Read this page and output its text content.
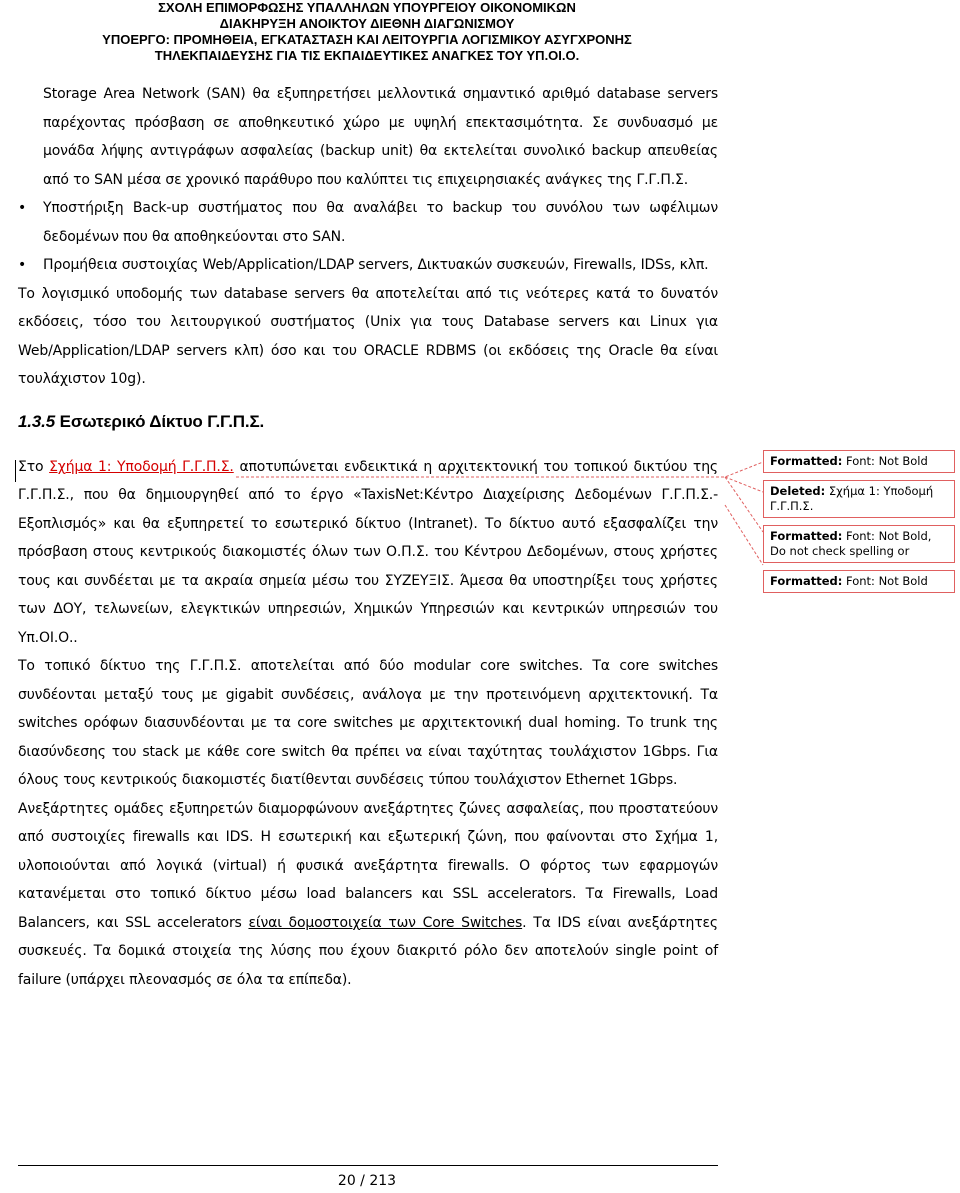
ΣΧΟΛΗ ΕΠΙΜΟΡΦΩΣΗΣ ΥΠΑΛΛΗΛΩΝ ΥΠΟΥΡΓΕΙΟΥ ΟΙΚΟΝΟΜΙΚΩΝ
ΔΙΑΚΗΡΥΞΗ ΑΝΟΙΚΤΟΥ ΔΙΕΘΝΗ ΔΙΑΓΩΝΙΣΜΟΥ
ΥΠΟΕΡΓΟ: ΠΡΟΜΗΘΕΙΑ, ΕΓΚΑΤΑΣΤΑΣΗ ΚΑΙ ΛΕΙΤΟΥΡΓΙΑ ΛΟΓΙΣΜΙΚΟΥ ΑΣΥΓΧΡΟΝΗΣ
ΤΗΛΕΚΠΑΙΔΕΥΣΗΣ ΓΙΑ ΤΙΣ ΕΚΠΑΙΔΕΥΤΙΚΕΣ ΑΝΑΓΚΕΣ ΤΟΥ ΥΠ.ΟΙ.Ο.

Storage Area Network (SAN) θα εξυπηρετήσει μελλοντικά σημαντικό αριθμό database servers παρέχοντας πρόσβαση σε αποθηκευτικό χώρο με υψηλή επεκτασιμότητα. Σε συνδυασμό με μονάδα λήψης αντιγράφων ασφαλείας (backup unit) θα εκτελείται συνολικό backup απευθείας από το SAN μέσα σε χρονικό παράθυρο που καλύπτει τις επιχειρησιακές ανάγκες της Γ.Γ.Π.Σ.

• Υποστήριξη Back-up συστήματος που θα αναλάβει το backup του συνόλου των ωφέλιμων δεδομένων που θα αποθηκεύονται στο SAN.
• Προμήθεια συστοιχίας Web/Application/LDAP servers, Δικτυακών συσκευών, Firewalls, IDSs, κλπ.

Το λογισμικό υποδομής των database servers θα αποτελείται από τις νεότερες κατά το δυνατόν εκδόσεις, τόσο του λειτουργικού συστήματος (Unix για τους Database servers και Linux για Web/Application/LDAP servers κλπ) όσο και του ORACLE RDBMS (οι εκδόσεις της Oracle θα είναι τουλάχιστον 10g).

1.3.5 Εσωτερικό Δίκτυο Γ.Γ.Π.Σ.

Στο Σχήμα 1: Υποδομή Γ.Γ.Π.Σ. αποτυπώνεται ενδεικτικά η αρχιτεκτονική του τοπικού δικτύου της Γ.Γ.Π.Σ., που θα δημιουργηθεί από το έργο «TaxisNet:Κέντρο Διαχείρισης Δεδομένων Γ.Γ.Π.Σ.-Εξοπλισμός» και θα εξυπηρετεί το εσωτερικό δίκτυο (Intranet). Το δίκτυο αυτό εξασφαλίζει την πρόσβαση στους κεντρικούς διακομιστές όλων των Ο.Π.Σ. του Κέντρου Δεδομένων, στους χρήστες τους και συνδέεται με τα ακραία σημεία μέσω του ΣΥΖΕΥΞΙΣ. Άμεσα θα υποστηρίξει τους χρήστες των ΔΟΥ, τελωνείων, ελεγκτικών υπηρεσιών, Χημικών Υπηρεσιών και κεντρικών υπηρεσιών του Υπ.ΟΙ.Ο..

Το τοπικό δίκτυο της Γ.Γ.Π.Σ. αποτελείται από δύο modular core switches. Τα core switches συνδέονται μεταξύ τους με gigabit συνδέσεις, ανάλογα με την προτεινόμενη αρχιτεκτονική. Τα switches ορόφων διασυνδέονται με τα core switches με αρχιτεκτονική dual homing. Το trunk της διασύνδεσης του stack με κάθε core switch θα πρέπει να είναι ταχύτητας τουλάχιστον 1Gbps. Για όλους τους κεντρικούς διακομιστές διατίθενται συνδέσεις τύπου τουλάχιστον Ethernet 1Gbps.

Ανεξάρτητες ομάδες εξυπηρετών διαμορφώνουν ανεξάρτητες ζώνες ασφαλείας, που προστατεύουν από συστοιχίες firewalls και IDS. Η εσωτερική και εξωτερική ζώνη, που φαίνονται στο Σχήμα 1, υλοποιούνται από λογικά (virtual) ή φυσικά ανεξάρτητα firewalls. Ο φόρτος των εφαρμογών κατανέμεται στο τοπικό δίκτυο μέσω load balancers και SSL accelerators. Τα Firewalls, Load Balancers, και SSL accelerators είναι δομοστοιχεία των Core Switches. Τα IDS είναι ανεξάρτητες συσκευές. Τα δομικά στοιχεία της λύσης που έχουν διακριτό ρόλο δεν αποτελούν single point of failure (υπάρχει πλεονασμός σε όλα τα επίπεδα).

Formatted: Font: Not Bold
Deleted: Σχήμα 1: Υποδομή Γ.Γ.Π.Σ.
Formatted: Font: Not Bold, Do not check spelling or
Formatted: Font: Not Bold
20 / 213
